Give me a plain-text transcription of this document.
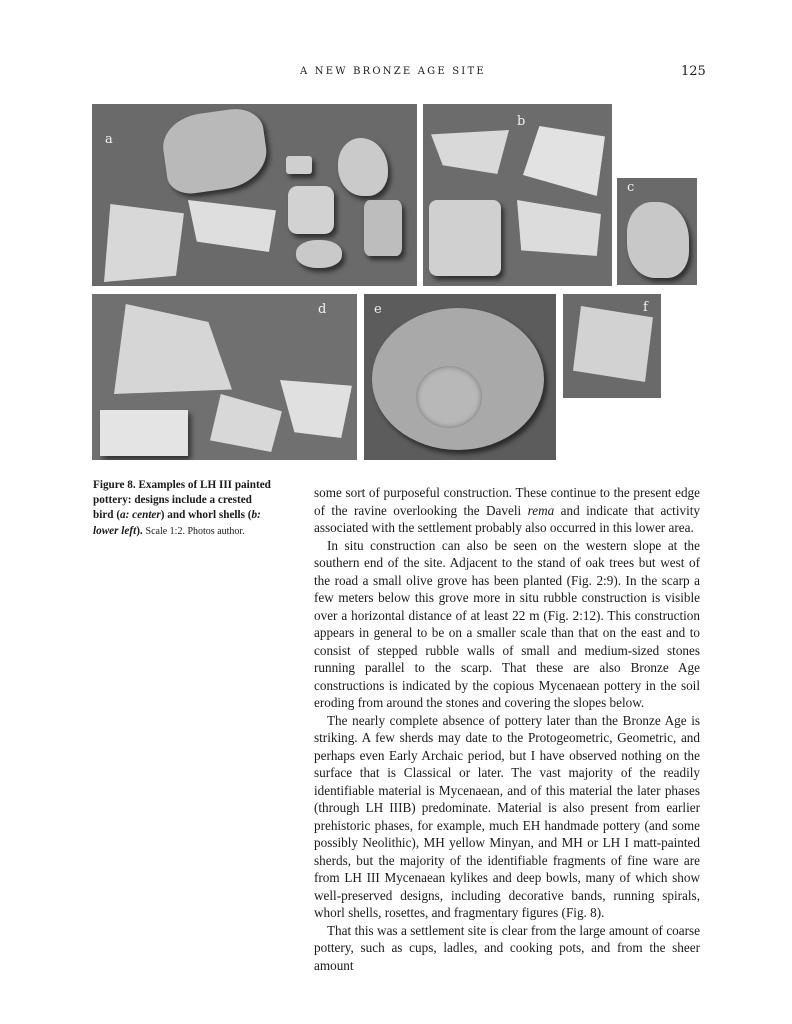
A NEW BRONZE AGE SITE	125
a
b
c
d	e	f
Figure 8. Examples of LH III painted pottery: designs include a crested bird (a: center) and whorl shells (b: lower left). Scale 1:2. Photos author.

some sort of purposeful construction. These continue to the present edge of the ravine overlooking the Daveli rema and indicate that activity associated with the settlement probably also occurred in this lower area.

In situ construction can also be seen on the western slope at the southern end of the site. Adjacent to the stand of oak trees but west of the road a small olive grove has been planted (Fig. 2:9). In the scarp a few meters below this grove more in situ rubble construction is visible over a horizontal distance of at least 22 m (Fig. 2:12). This construction appears in general to be on a smaller scale than that on the east and to consist of stepped rubble walls of small and medium-sized stones running parallel to the scarp. That these are also Bronze Age constructions is indicated by the copious Mycenaean pottery in the soil eroding from around the stones and covering the slopes below.

The nearly complete absence of pottery later than the Bronze Age is striking. A few sherds may date to the Protogeometric, Geometric, and perhaps even Early Archaic period, but I have observed nothing on the surface that is Classical or later. The vast majority of the readily identifiable material is Mycenaean, and of this material the later phases (through LH IIIB) predominate. Material is also present from earlier prehistoric phases, for example, much EH handmade pottery (and some possibly Neolithic), MH yellow Minyan, and MH or LH I matt-painted sherds, but the majority of the identifiable fragments of fine ware are from LH III Mycenaean kylikes and deep bowls, many of which show well-preserved designs, including decorative bands, running spirals, whorl shells, rosettes, and fragmentary figures (Fig. 8).

That this was a settlement site is clear from the large amount of coarse pottery, such as cups, ladles, and cooking pots, and from the sheer amount
